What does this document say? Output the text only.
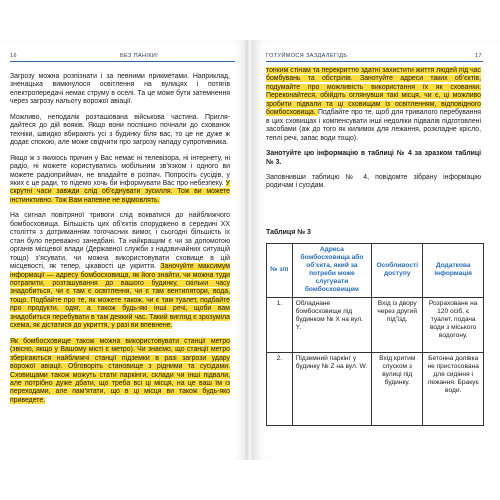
16	БЕЗ ПАНІКИ!

Загрозу можна розпізнати і за певними прикметами. Наприклад, зненацька вимкнулося освітлення на вулицях і потягів електропередачі немає струму в оселі. Та це може бути затемнення через загрозу нальоту ворожої авіації.

Можливо, неподалік розташована військова частина. Приглядайтеся до дій вояків. Якщо вони поспішно почнали до схованок техніки, швидко вбирають усі з будинку біля вас, то це не дуже ж додає спокою, але може свідчити про загрозу нападу супротивника.

Якщо ж з якихось причин у Вас немає ні телевізора, ні інтернету, ні радіо, ні можете користуватись мобільним зв’язком і одного ви можете радіоприймач, не впадайте в розпач. Попросіть сусідів, у яких є це ради, то підемо хочь би інформувати Вас про небезпеку. У скрутні часи завжди слід об’єднувати зусилля. Тож ви можете інстинктивно. Тож Вам напевне не відмовлять.

На сигнал повітряної тривоги слід вокватися до найближчого бомбосховища. Більшість цих об’єктів споруджено в середині ХХ століття з дотриманням тогочасних вимог, і сьогодні більшість іх стан було переважно занедбані. Та найкращим є чи за допомогою органів місцевої влади (Державної служби з надзвичайних ситуацій тощо) з’ясувати, чи можна використовувати сховище в цій місцевості, як тепер, цікавості це укриття. Заночуйте максимум інформації — адресу бомбосховища, як його знайти, чи можна туди потрапити, розташування до вашого будинку, скільки часу знадобиться, чи є там є освітлення, чи є там вентилятори, вода, тощо. Подбайте про те, як можете також, чи є там туалет, подбайте про продукти, одяг, а також будь-які інші речі, щоби вам знадобиться перебувати в там деякий час. Такий вигляд є зрозуміла схема, як дістатися до укриття, у разі ви впевнене.

Як бомбосховище також можна використовувати станції метро (звісно, якщо у Вашому місті є метро). Чи знаємо, що станції метро зберігаються найближчі станції підземки в разі загрози удару ворожої авіації. Обговоріть становище з рідними та сусідами. Сховищами також можуть стати паркінги, склади чи інші підвали, але потрібно дуже дбати, що треба всі ці місця, на це ваш їм із переходами, але пам’ятати, що в ці місця ви також будь-яко приведете.

ГОТУЙМОСЯ ЗАЗДАЛЕГІДЬ	17

тонким стінам та перекриттю здатні захистити життя людей під час бомбувань та обстрілів. Занотуйте адреси таких об’єктів, подумайте про можливість використання їх як схованки. Переконайтеся, обійдіть оглянувши такі місця, чи є, ці можливо зробити підвали та ці сховищам із освітленням, відповідного бомбосховища. Подбайте про те, щоб для тривалого перебування в цих сховищах і компенсувати інші недоліки підвалів підготовлені засобами (аж до того як килимок для лежання, розкладне крісло, теплі речі, запас води тощо).

Занотуйте цю інформацію в таблиці № 4 за зразком таблиці № 3.

Заповнивши таблицю № 4, повідомте зібрану інформацію родичам і сусідам.

Таблиця № 3
№ з/п	Адреса бомбосховища або об’єкта, який за потреби може слугувати бомбосховищем	Особливості доступу	Додаткова інформація
1.	Обладнане бомбосховище під будинком № Х на вул. Y.	Вхід із двору через другий під’їзд.	Розраховане на 120 осіб, є туалет, подача води з міського водогону.
2.	Підземний паркінг у будинку № Z на вул. W.	Вхід критим спуском з вулиці під будинку.	Бетонна долівка не пристосована для сидіння і лежання. Бракує води.
